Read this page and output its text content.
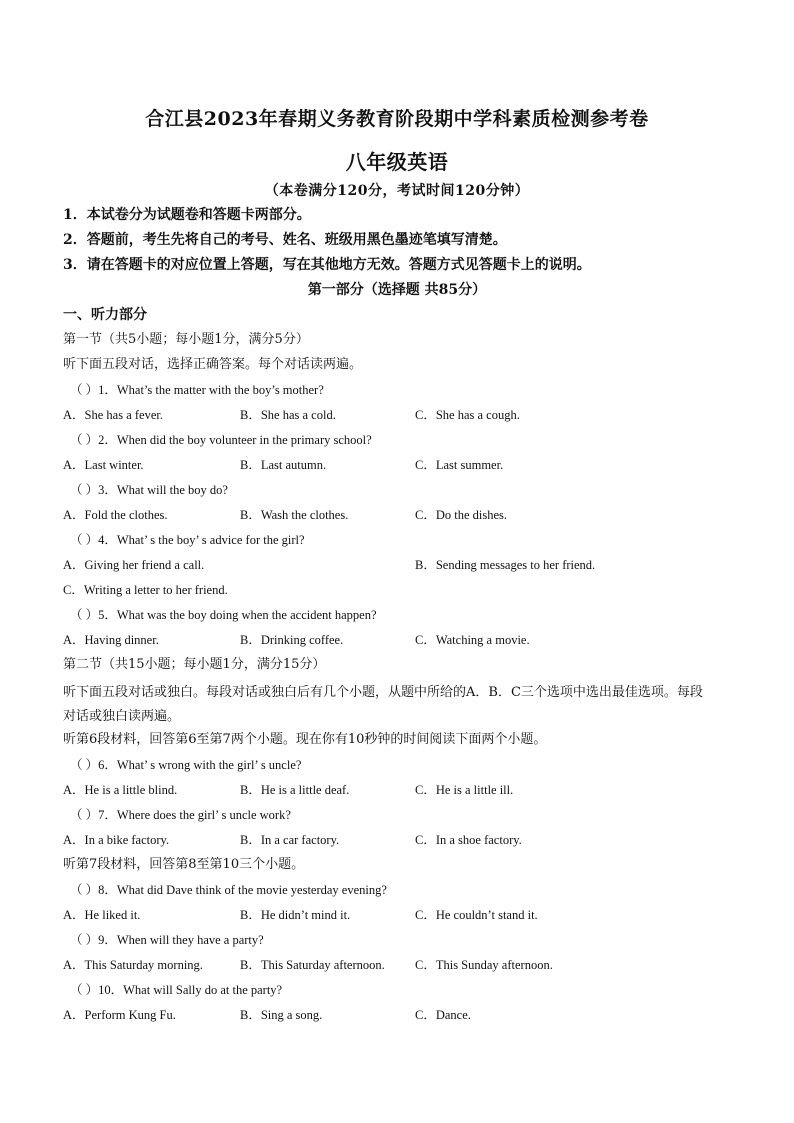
合江县2023年春期义务教育阶段期中学科素质检测参考卷
八年级英语
（本卷满分120分，考试时间120分钟）
1．本试卷分为试题卷和答题卡两部分。
2．答题前，考生先将自己的考号、姓名、班级用黑色墨迹笔填写清楚。
3．请在答题卡的对应位置上答题，写在其他地方无效。答题方式见答题卡上的说明。
第一部分（选择题 共85分）
一、听力部分
第一节（共5小题；每小题1分，满分5分）
听下面五段对话，选择正确答案。每个对话读两遍。
（ ）1．What’s the matter with the boy’s mother?
A．She has a fever.	B．She has a cold.	C．She has a cough.
（ ）2．When did the boy volunteer in the primary school?
A．Last winter.	B．Last autumn.	C．Last summer.
（ ）3．What will the boy do?
A．Fold the clothes.	B．Wash the clothes.	C．Do the dishes.
（ ）4．What’ s the boy’ s advice for the girl?
A．Giving her friend a call.	B．Sending messages to her friend.
C．Writing a letter to her friend.
（ ）5．What was the boy doing when the accident happen?
A．Having dinner.	B．Drinking coffee.	C．Watching a movie.
第二节（共15小题；每小题1分，满分15分）
听下面五段对话或独白。每段对话或独白后有几个小题，从题中所给的A．B．C三个选项中选出最佳选项。每段对话或独白读两遍。
听第6段材料，回答第6至第7两个小题。现在你有10秒钟的时间阅读下面两个小题。
（ ）6．What’ s wrong with the girl’ s uncle?
A．He is a little blind.	B．He is a little deaf.	C．He is a little ill.
（ ）7．Where does the girl’ s uncle work?
A．In a bike factory.	B．In a car factory.	C．In a shoe factory.
听第7段材料，回答第8至第10三个小题。
（ ）8．What did Dave think of the movie yesterday evening?
A．He liked it.	B．He didn’t mind it.	C．He couldn’t stand it.
（ ）9．When will they have a party?
A．This Saturday morning.	B．This Saturday afternoon. C．This Sunday afternoon.
（ ）10．What will Sally do at the party?
A．Perform Kung Fu.	B．Sing a song.	C．Dance.
